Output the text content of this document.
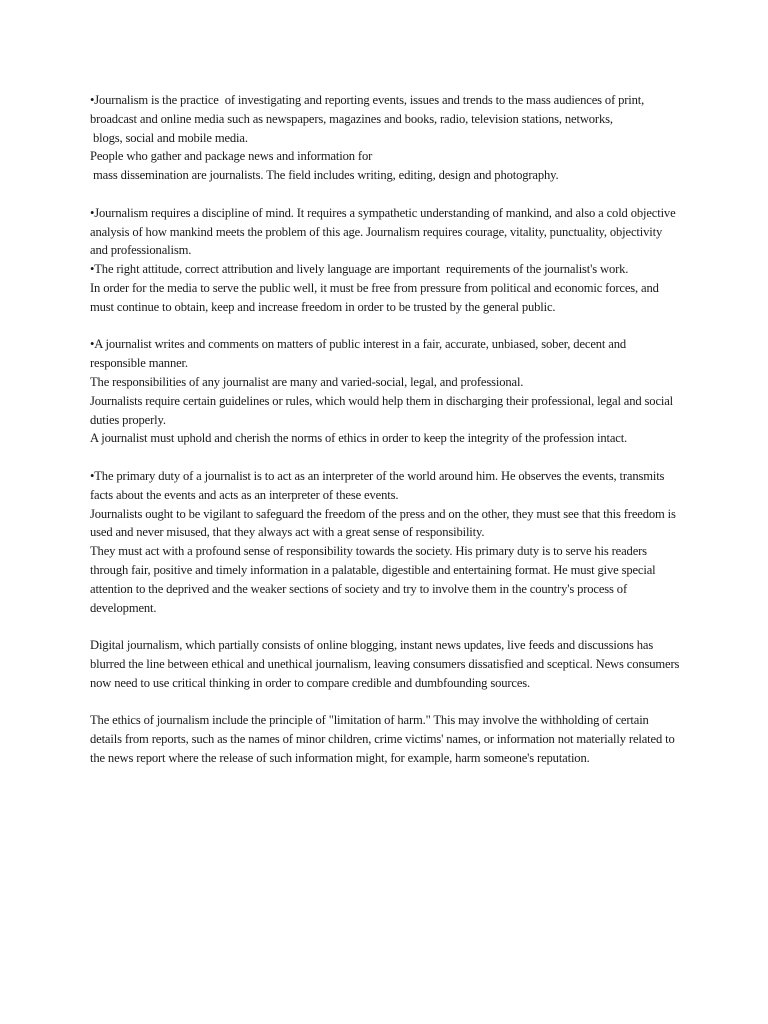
•Journalism is the practice  of investigating and reporting events, issues and trends to the mass audiences of print, broadcast and online media such as newspapers, magazines and books, radio, television stations, networks,

blogs, social and mobile media.

People who gather and package news and information for

mass dissemination are journalists. The field includes writing, editing, design and photography.

•Journalism requires a discipline of mind. It requires a sympathetic understanding of mankind, and also a cold objective analysis of how mankind meets the problem of this age. Journalism requires courage, vitality, punctuality, objectivity and professionalism.

•The right attitude, correct attribution and lively language are important  requirements of the journalist's work.

In order for the media to serve the public well, it must be free from pressure from political and economic forces, and must continue to obtain, keep and increase freedom in order to be trusted by the general public.

•A journalist writes and comments on matters of public interest in a fair, accurate, unbiased, sober, decent and responsible manner.

The responsibilities of any journalist are many and varied-social, legal, and professional.

Journalists require certain guidelines or rules, which would help them in discharging their professional, legal and social duties properly.

A journalist must uphold and cherish the norms of ethics in order to keep the integrity of the profession intact.

•The primary duty of a journalist is to act as an interpreter of the world around him. He observes the events, transmits facts about the events and acts as an interpreter of these events.

Journalists ought to be vigilant to safeguard the freedom of the press and on the other, they must see that this freedom is used and never misused, that they always act with a great sense of responsibility.

They must act with a profound sense of responsibility towards the society. His primary duty is to serve his readers through fair, positive and timely information in a palatable, digestible and entertaining format. He must give special attention to the deprived and the weaker sections of society and try to involve them in the country's process of development.

Digital journalism, which partially consists of online blogging, instant news updates, live feeds and discussions has blurred the line between ethical and unethical journalism, leaving consumers dissatisfied and sceptical. News consumers now need to use critical thinking in order to compare credible and dumbfounding sources.

The ethics of journalism include the principle of "limitation of harm." This may involve the withholding of certain details from reports, such as the names of minor children, crime victims' names, or information not materially related to the news report where the release of such information might, for example, harm someone's reputation.
